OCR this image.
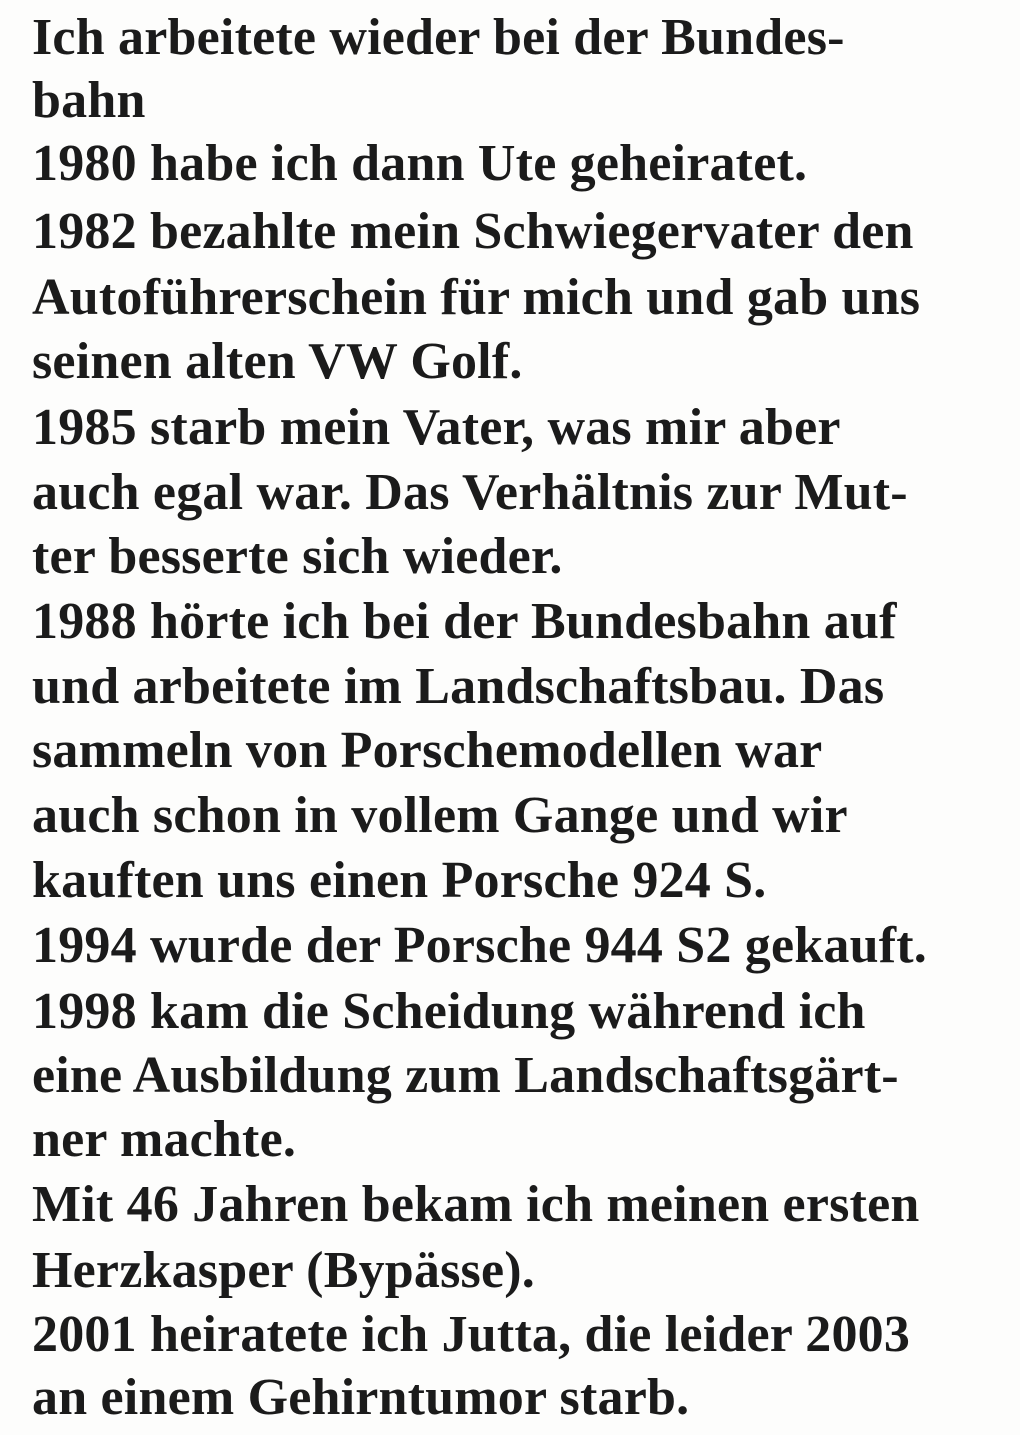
Ich arbeitete wieder bei der Bundes-

bahn

1980 habe ich dann Ute geheiratet.

1982 bezahlte mein Schwiegervater den

Autoführerschein für mich und gab uns

seinen alten VW Golf.

1985 starb mein Vater, was mir aber

auch egal war. Das Verhältnis zur Mut-

ter besserte sich wieder.

1988 hörte ich bei der Bundesbahn auf

und arbeitete im Landschaftsbau. Das

sammeln von Porschemodellen war

auch schon in vollem Gange und wir

kauften uns einen Porsche 924 S.

1994 wurde der Porsche 944 S2 gekauft.

1998 kam die Scheidung während ich

eine Ausbildung zum Landschaftsgärt-

ner machte.

Mit 46 Jahren bekam ich meinen ersten

Herzkasper (Bypässe).

2001 heiratete ich Jutta, die leider 2003

an einem Gehirntumor starb.
